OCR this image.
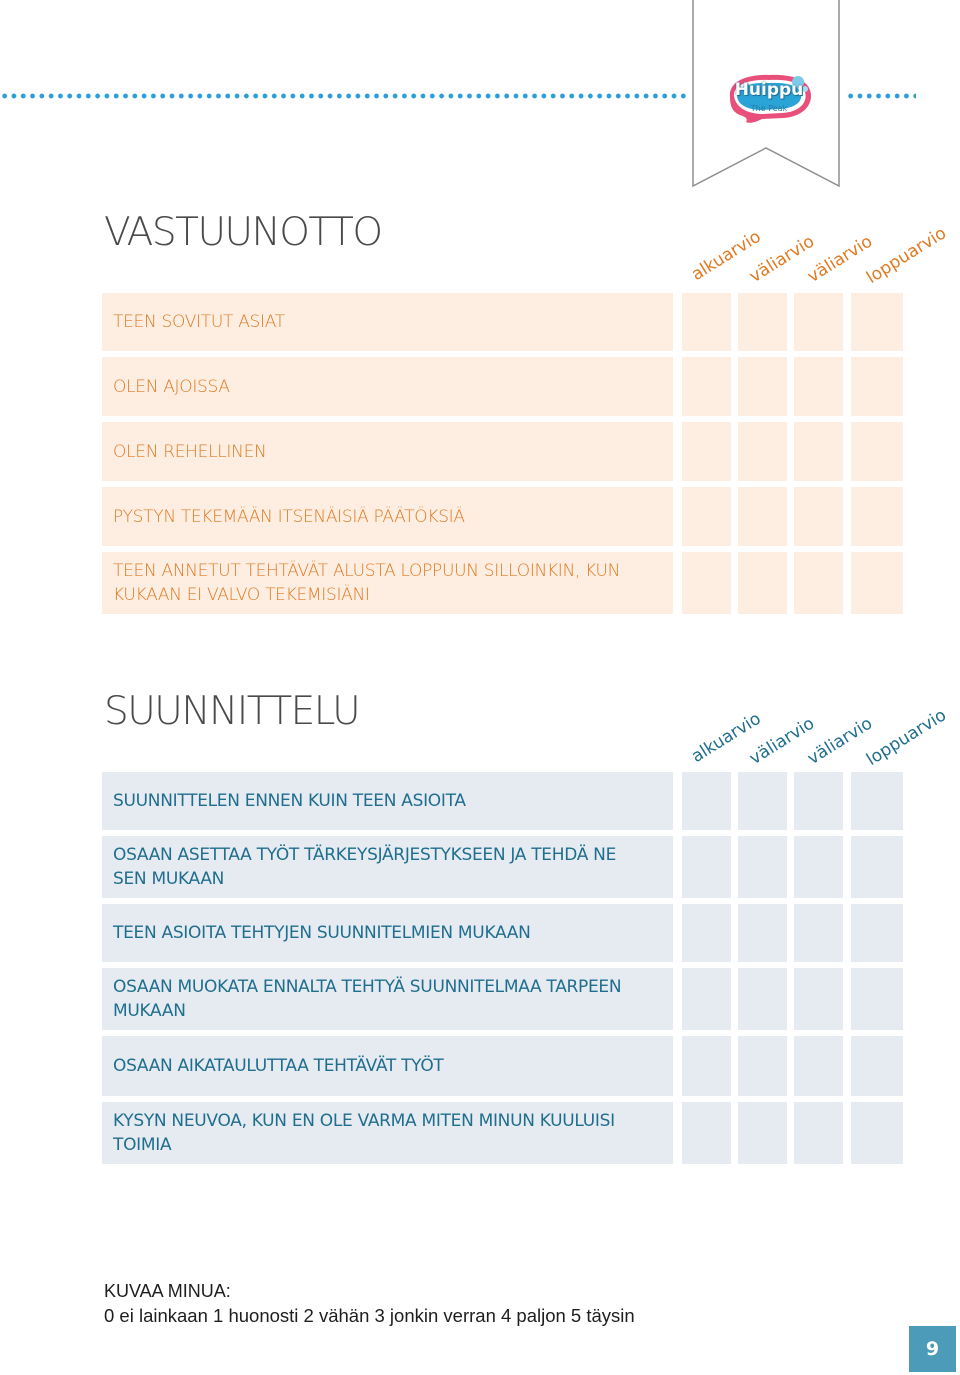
Huippu
The Peak
VASTUUNOTTO	alkuarvio
väliarvio
väliarvio
loppuarvio
TEEN SOVITUT ASIAT
OLEN AJOISSA
OLEN REHELLINEN
PYSTYN TEKEMÄÄN ITSENÄISIÄ PÄÄTÖKSIÄ
TEEN ANNETUT TEHTÄVÄT ALUSTA LOPPUUN SILLOINKIN, KUN KUKAAN EI VALVO TEKEMISIÄNI
SUUNNITTELU	alkuarvio
väliarvio
väliarvio
loppuarvio
SUUNNITTELEN ENNEN KUIN TEEN ASIOITA
OSAAN ASETTAA TYÖT TÄRKEYSJÄRJESTYKSEEN JA TEHDÄ NE SEN MUKAAN
TEEN ASIOITA TEHTYJEN SUUNNITELMIEN MUKAAN
OSAAN MUOKATA ENNALTA TEHTYÄ SUUNNITELMAA TARPEEN MUKAAN
OSAAN AIKATAULUTTAA TEHTÄVÄT TYÖT
KYSYN NEUVOA, KUN EN OLE VARMA MITEN MINUN KUULUISI TOIMIA
KUVAA MINUA:
0 ei lainkaan 1 huonosti 2 vähän 3 jonkin verran 4 paljon 5 täysin
9
